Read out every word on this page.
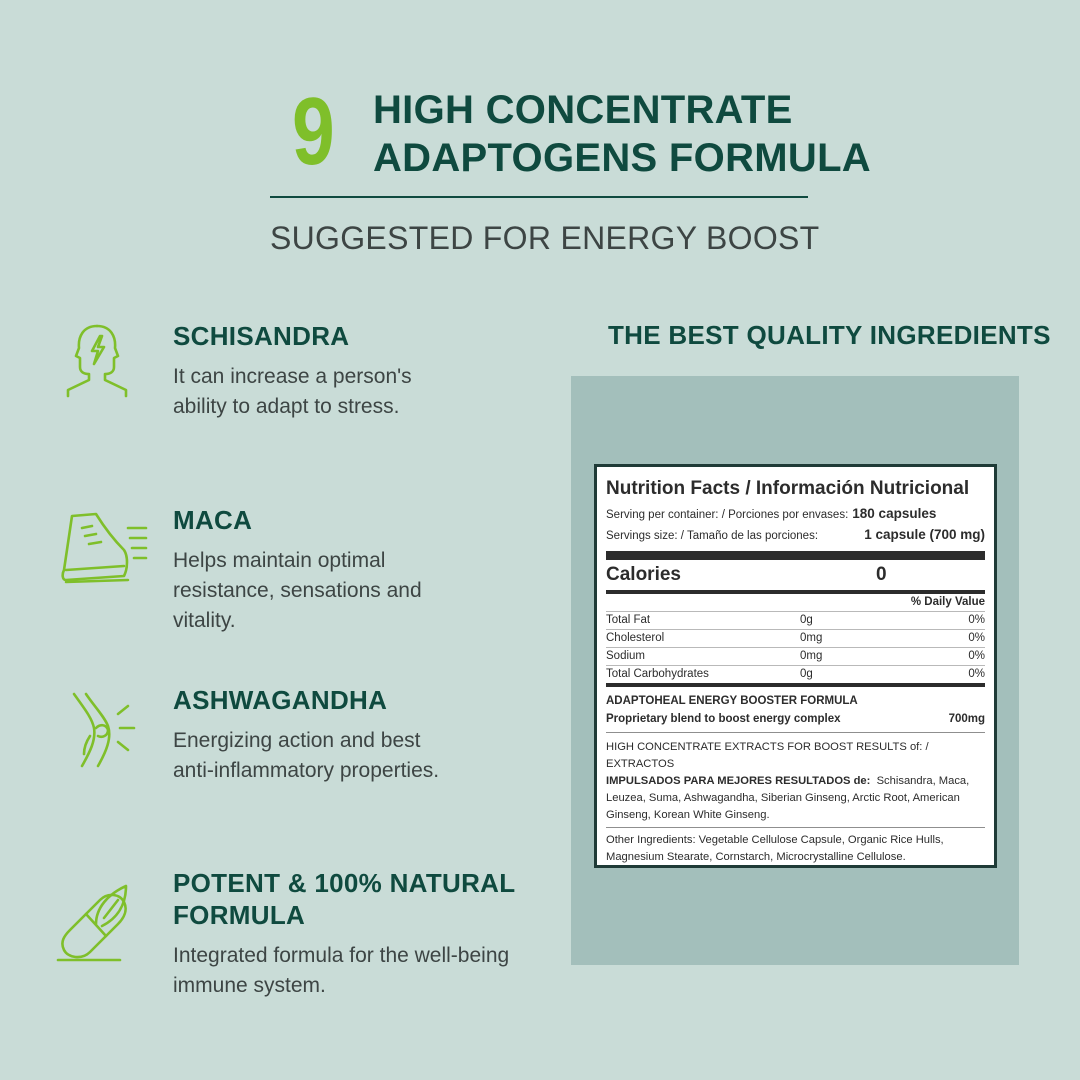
9 HIGH CONCENTRATE
ADAPTOGENS FORMULA
SUGGESTED FOR ENERGY BOOST
SCHISANDRA

It can increase a person's
ability to adapt to stress.

MACA

Helps maintain optimal
resistance, sensations and
vitality.

ASHWAGANDHA

Energizing action and best
anti-inflammatory properties.

POTENT & 100% NATURAL
FORMULA

Integrated formula for the well-being
immune system.

THE BEST QUALITY INGREDIENTS
Nutrition Facts / Información Nutricional
Serving per container: / Porciones por envases: 180 capsules
Servings size: / Tamaño de las porciones:	1 capsule (700 mg)
Calories	0
% Daily Value
Total Fat	0g	0%
Cholesterol	0mg	0%
Sodium	0mg	0%
Total Carbohydrates	0g	0%
ADAPTOHEAL ENERGY BOOSTER FORMULA
Proprietary blend to boost energy complex	700mg
HIGH CONCENTRATE EXTRACTS FOR BOOST RESULTS of: / EXTRACTOS
IMPULSADOS PARA MEJORES RESULTADOS de: Schisandra, Maca,
Leuzea, Suma, Ashwagandha, Siberian Ginseng, Arctic Root, American
Ginseng, Korean White Ginseng.
Other Ingredients: Vegetable Cellulose Capsule, Organic Rice Hulls,
Magnesium Stearate, Cornstarch, Microcrystalline Cellulose.
